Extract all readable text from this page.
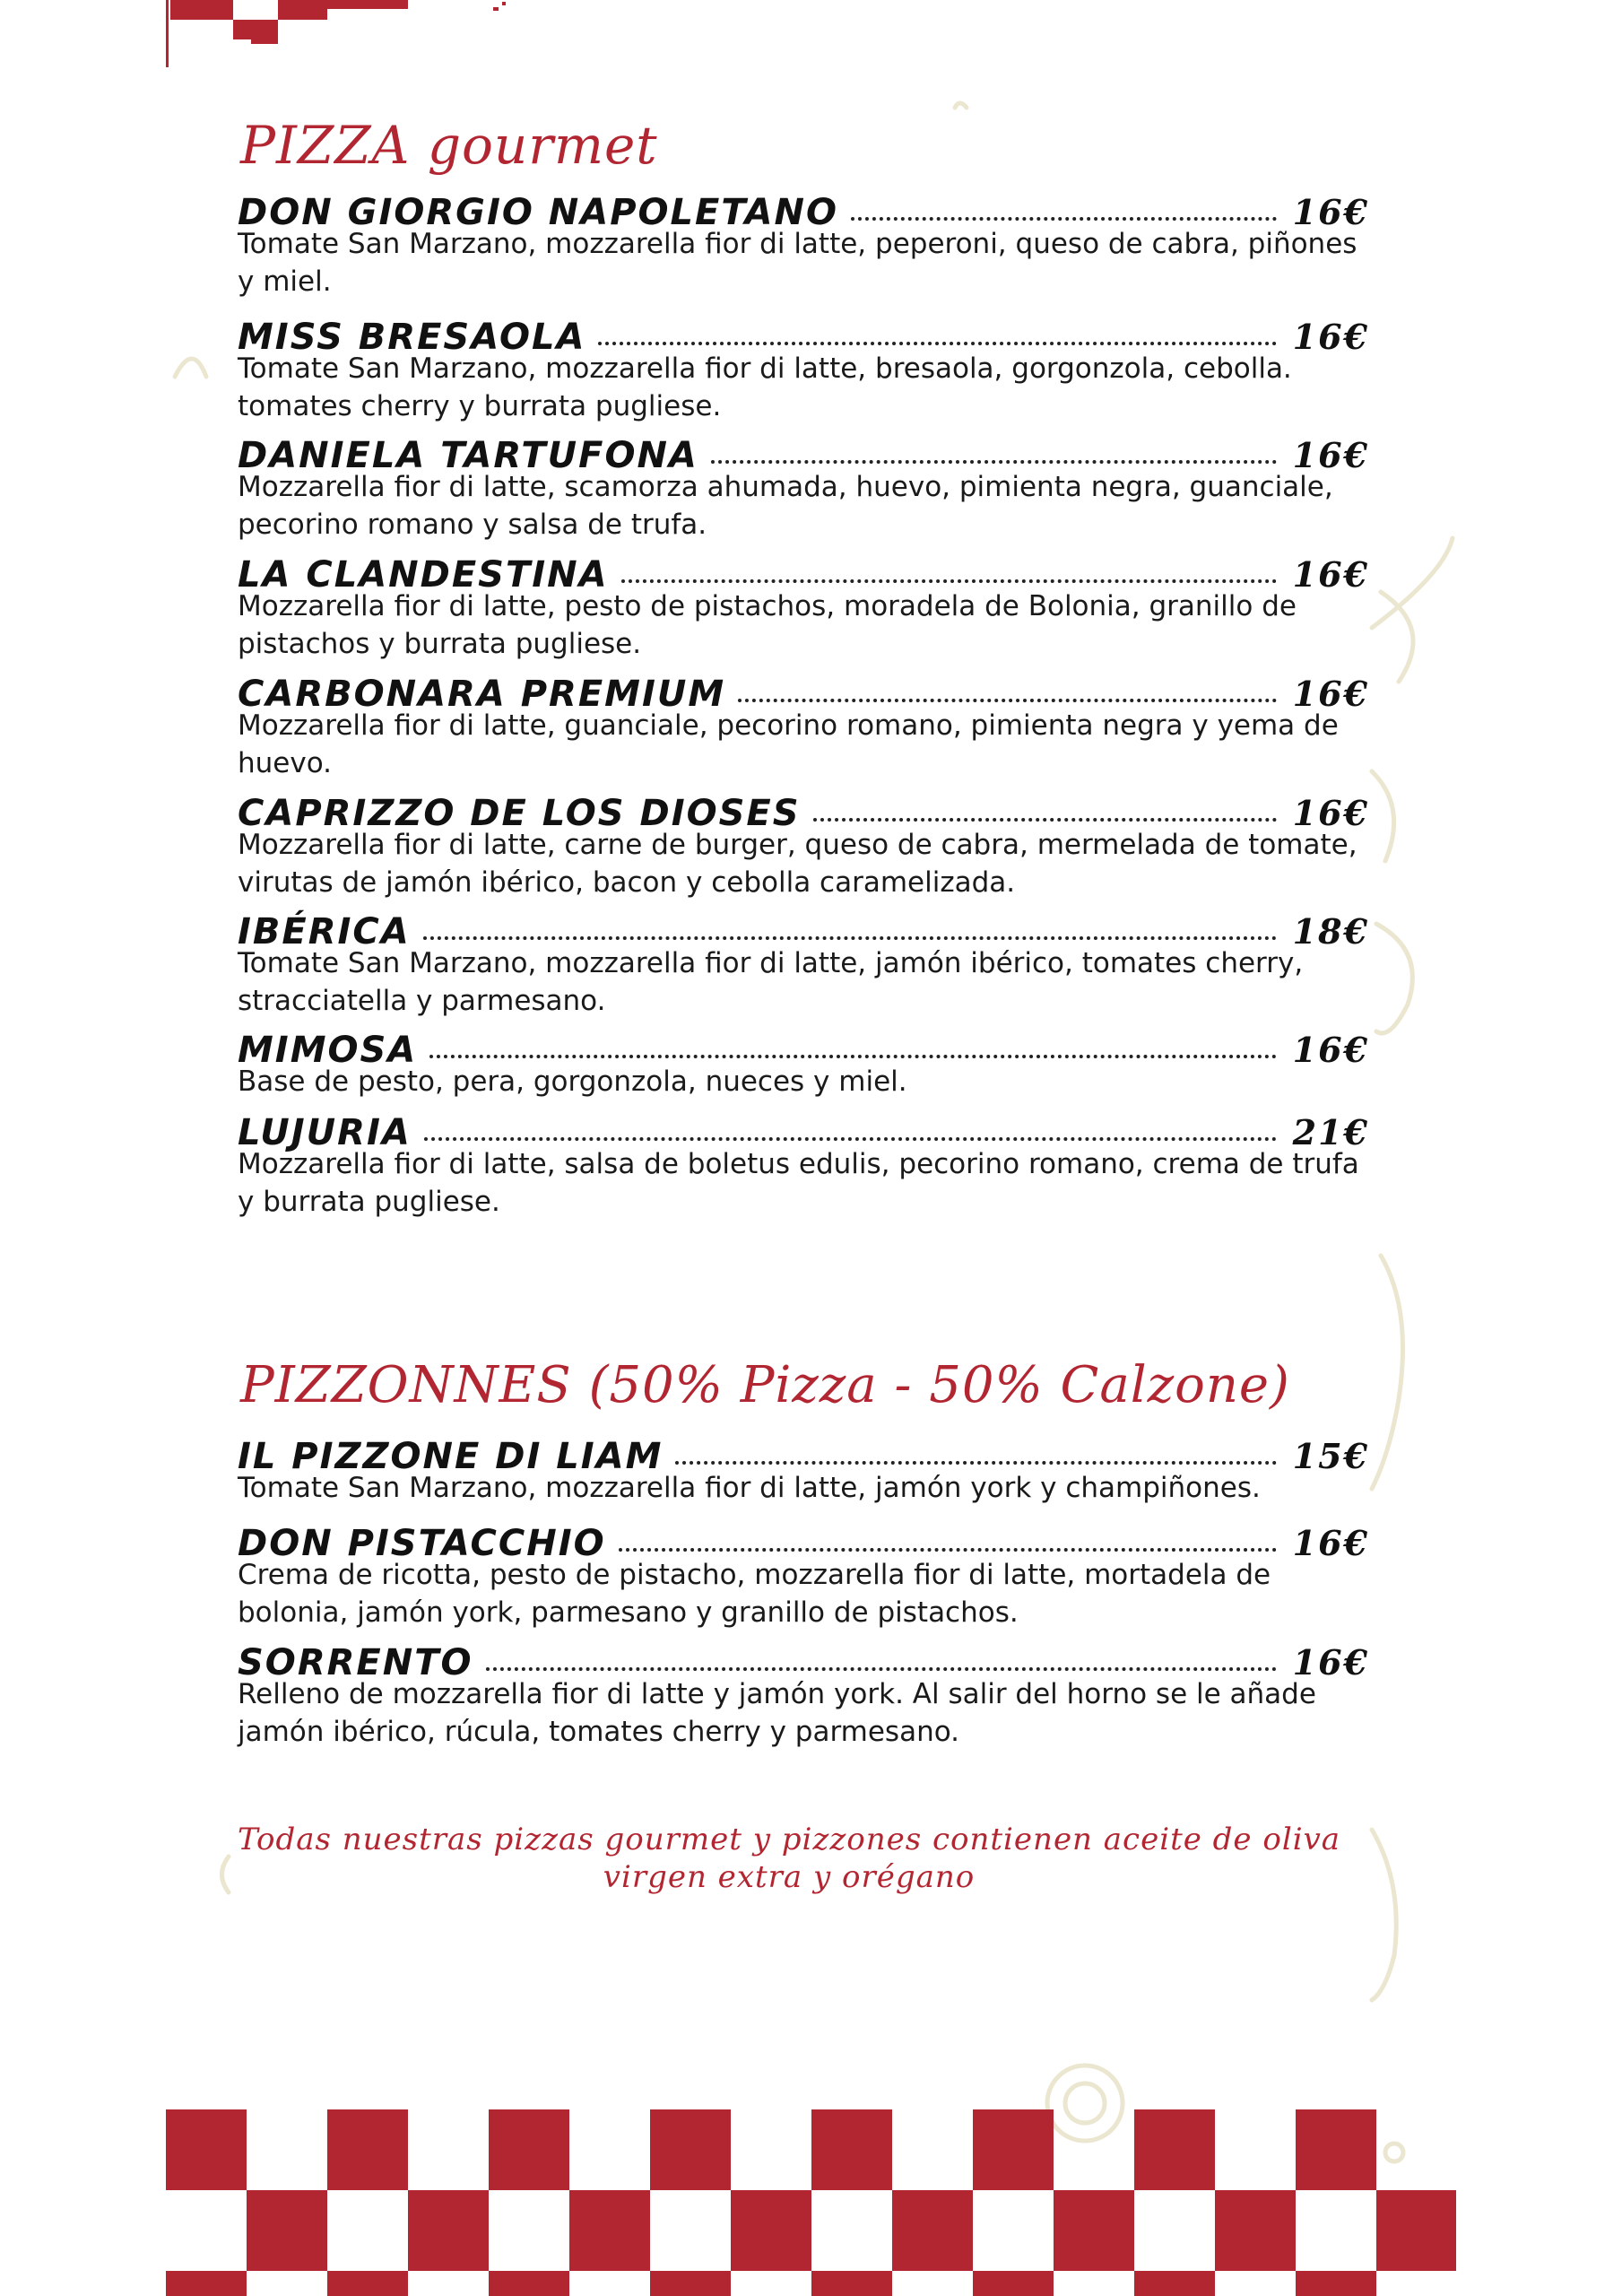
PIZZA gourmet
DON GIORGIO NAPOLETANO	16€

Tomate San Marzano, mozzarella fior di latte, peperoni, queso de cabra, piñones y miel.

MISS BRESAOLA	16€

Tomate San Marzano, mozzarella fior di latte, bresaola, gorgonzola, cebolla. tomates cherry y burrata pugliese.

DANIELA TARTUFONA	16€

Mozzarella fior di latte, scamorza ahumada, huevo, pimienta negra, guanciale, pecorino romano y salsa de trufa.

LA CLANDESTINA	16€

Mozzarella fior di latte, pesto de pistachos, moradela de Bolonia, granillo de pistachos y burrata pugliese.

CARBONARA PREMIUM	16€

Mozzarella fior di latte, guanciale, pecorino romano, pimienta negra y yema de huevo.

CAPRIZZO DE LOS DIOSES	16€

Mozzarella fior di latte, carne de burger, queso de cabra, mermelada de tomate, virutas de jamón ibérico, bacon y cebolla caramelizada.

IBÉRICA	18€

Tomate San Marzano, mozzarella fior di latte, jamón ibérico, tomates cherry, stracciatella y parmesano.

MIMOSA	16€

Base de pesto, pera, gorgonzola, nueces y miel.

LUJURIA	21€

Mozzarella fior di latte, salsa de boletus edulis, pecorino romano, crema de trufa y burrata pugliese.

PIZZONNES (50% Pizza - 50% Calzone)
IL PIZZONE DI LIAM	15€

Tomate San Marzano, mozzarella fior di latte, jamón york y champiñones.

DON PISTACCHIO	16€

Crema de ricotta, pesto de pistacho, mozzarella fior di latte, mortadela de bolonia, jamón york, parmesano y granillo de pistachos.

SORRENTO	16€

Relleno de mozzarella fior di latte y jamón york. Al salir del horno se le añade jamón ibérico, rúcula, tomates cherry y parmesano.

Todas nuestras pizzas gourmet y pizzones contienen aceite de oliva virgen extra y orégano
